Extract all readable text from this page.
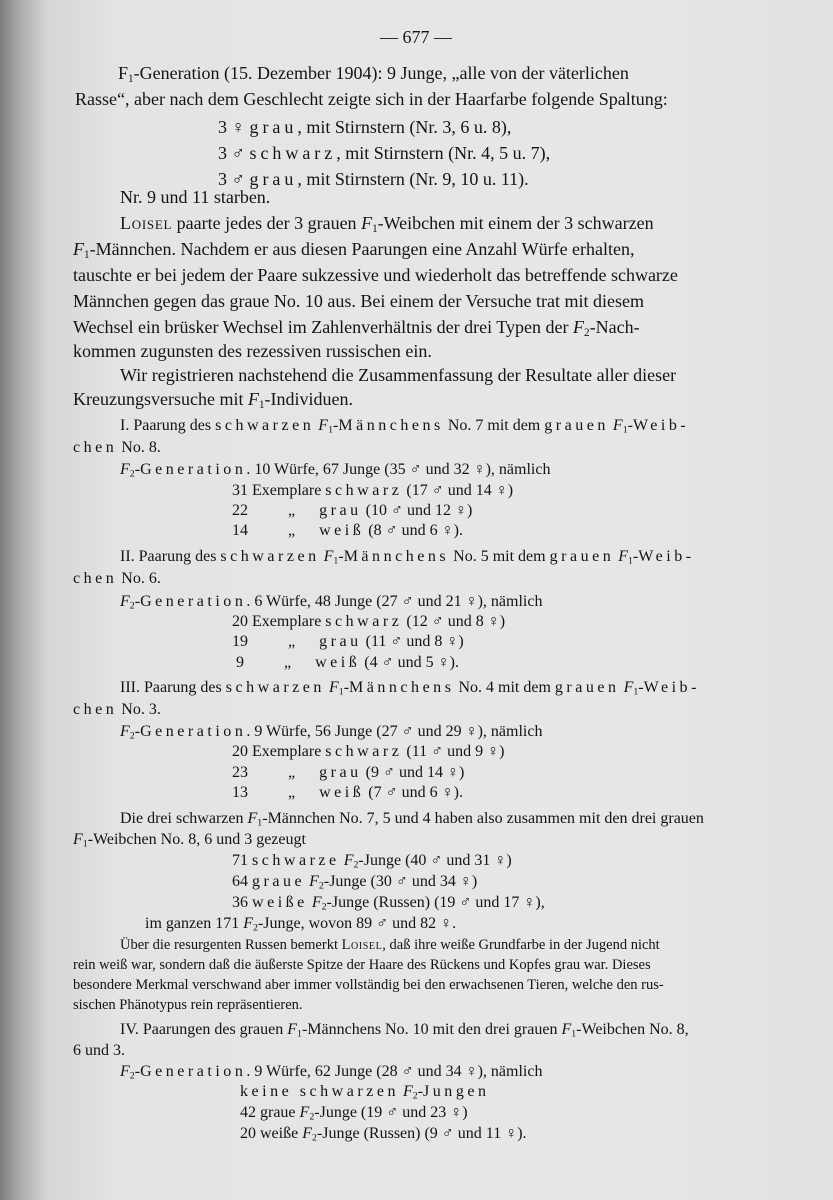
— 677 —
$F_1$-Generation (15. Dezember 1904): 9 Junge, „alle von der väterlichen
Rasse“, aber nach dem Geschlecht zeigte sich in der Haarfarbe folgende Spaltung:
3 ♀ grau, mit Stirnstern (Nr. 3, 6 u. 8),
3 ♂ schwarz, mit Stirnstern (Nr. 4, 5 u. 7),
3 ♂ grau, mit Stirnstern (Nr. 9, 10 u. 11).
Nr. 9 und 11 starben.
Loisel paarte jedes der 3 grauen $F_1$-Weibchen mit einem der 3 schwarzen
$F_1$-Männchen. Nachdem er aus diesen Paarungen eine Anzahl Würfe erhalten,
tauschte er bei jedem der Paare sukzessive und wiederholt das betreffende schwarze
Männchen gegen das graue No. 10 aus. Bei einem der Versuche trat mit diesem
Wechsel ein brüsker Wechsel im Zahlenverhältnis der drei Typen der $F_2-Nach-$
kommen zugunsten des rezessiven russischen ein.
Wir registrieren nachstehend die Zusammenfassung der Resultate aller dieser
Kreuzungsversuche mit $F_1$-Individuen.
I. Paarung des schwarzen $F_1$-Männchens No. 7 mit dem grauen $F_1-Weib-$
chen No. 8.
$F_2$-Generation. 10 Würfe, 67 Junge (35 ♂ und 32 ♀), nämlich
31 Exemplare schwarz (17 ♂ und 14 ♀)
22          „      grau (10 ♂ und 12 ♀)
14          „      weiß (8 ♂ und 6 ♀).
II. Paarung des schwarzen $F_1$-Männchens No. 5 mit dem grauen $F_1-Weib-$
chen No. 6.
$F_2$-Generation. 6 Würfe, 48 Junge (27 ♂ und 21 ♀), nämlich
20 Exemplare schwarz (12 ♂ und 8 ♀)
19          „      grau (11 ♂ und 8 ♀)
9          „      weiß (4 ♂ und 5 ♀).
III. Paarung des schwarzen $F_1$-Männchens No. 4 mit dem grauen $F_1-Weib-$
chen No. 3.
$F_2$-Generation. 9 Würfe, 56 Junge (27 ♂ und 29 ♀), nämlich
20 Exemplare schwarz (11 ♂ und 9 ♀)
23          „      grau (9 ♂ und 14 ♀)
13          „      weiß (7 ♂ und 6 ♀).
Die drei schwarzen $F_1$-Männchen No. 7, 5 und 4 haben also zusammen mit den drei grauen
$F_1$-Weibchen No. 8, 6 und 3 gezeugt
71 schwarze $F_2$-Junge (40 ♂ und 31 ♀)
64 graue $F_2$-Junge (30 ♂ und 34 ♀)
36 weiße $F_2$-Junge (Russen) (19 ♂ und 17 ♀),
im ganzen 171 $F_2$-Junge, wovon 89 ♂ und 82 ♀.
Über die resurgenten Russen bemerkt Loisel, daß ihre weiße Grundfarbe in der Jugend nicht
rein weiß war, sondern daß die äußerste Spitze der Haare des Rückens und Kopfes grau war. Dieses
besondere Merkmal verschwand aber immer vollständig bei den erwachsenen Tieren, welche den rus-
sischen Phänotypus rein repräsentieren.
IV. Paarungen des grauen $F_1$-Männchens No. 10 mit den drei grauen $F_1$-Weibchen No. 8,
6 und 3.
$F_2$-Generation. 9 Würfe, 62 Junge (28 ♂ und 34 ♀), nämlich
keine schwarzen $F_2$-Jungen
42 graue $F_2$-Junge (19 ♂ und 23 ♀)
20 weiße $F_2$-Junge (Russen) (9 ♂ und 11 ♀).
